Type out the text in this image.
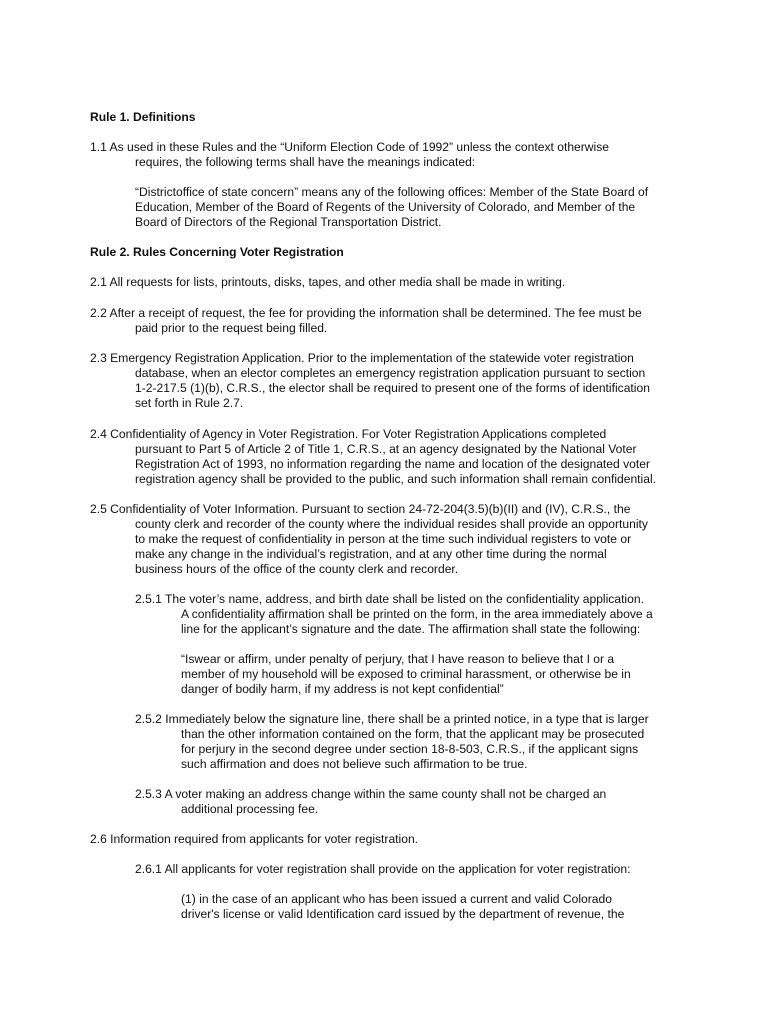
Rule 1. Definitions
1.1 As used in these Rules and the “Uniform Election Code of 1992” unless the context otherwise
requires, the following terms shall have the meanings indicated:
“Districtoffice of state concern” means any of the following offices: Member of the State Board of
Education, Member of the Board of Regents of the University of Colorado, and Member of the
Board of Directors of the Regional Transportation District.
Rule 2. Rules Concerning Voter Registration
2.1 All requests for lists, printouts, disks, tapes, and other media shall be made in writing.
2.2 After a receipt of request, the fee for providing the information shall be determined. The fee must be
paid prior to the request being filled.
2.3 Emergency Registration Application. Prior to the implementation of the statewide voter registration
database, when an elector completes an emergency registration application pursuant to section
1-2-217.5 (1)(b), C.R.S., the elector shall be required to present one of the forms of identification
set forth in Rule 2.7.
2.4 Confidentiality of Agency in Voter Registration. For Voter Registration Applications completed
pursuant to Part 5 of Article 2 of Title 1, C.R.S., at an agency designated by the National Voter
Registration Act of 1993, no information regarding the name and location of the designated voter
registration agency shall be provided to the public, and such information shall remain confidential.
2.5 Confidentiality of Voter Information. Pursuant to section 24-72-204(3.5)(b)(II) and (IV), C.R.S., the
county clerk and recorder of the county where the individual resides shall provide an opportunity
to make the request of confidentiality in person at the time such individual registers to vote or
make any change in the individual’s registration, and at any other time during the normal
business hours of the office of the county clerk and recorder.
2.5.1 The voter’s name, address, and birth date shall be listed on the confidentiality application.
A confidentiality affirmation shall be printed on the form, in the area immediately above a
line for the applicant’s signature and the date. The affirmation shall state the following:
“Iswear or affirm, under penalty of perjury, that I have reason to believe that I or a
member of my household will be exposed to criminal harassment, or otherwise be in
danger of bodily harm, if my address is not kept confidential”
2.5.2 Immediately below the signature line, there shall be a printed notice, in a type that is larger
than the other information contained on the form, that the applicant may be prosecuted
for perjury in the second degree under section 18-8-503, C.R.S., if the applicant signs
such affirmation and does not believe such affirmation to be true.
2.5.3 A voter making an address change within the same county shall not be charged an
additional processing fee.
2.6 Information required from applicants for voter registration.
2.6.1 All applicants for voter registration shall provide on the application for voter registration:
(1) in the case of an applicant who has been issued a current and valid Colorado
driver's license or valid Identification card issued by the department of revenue, the
